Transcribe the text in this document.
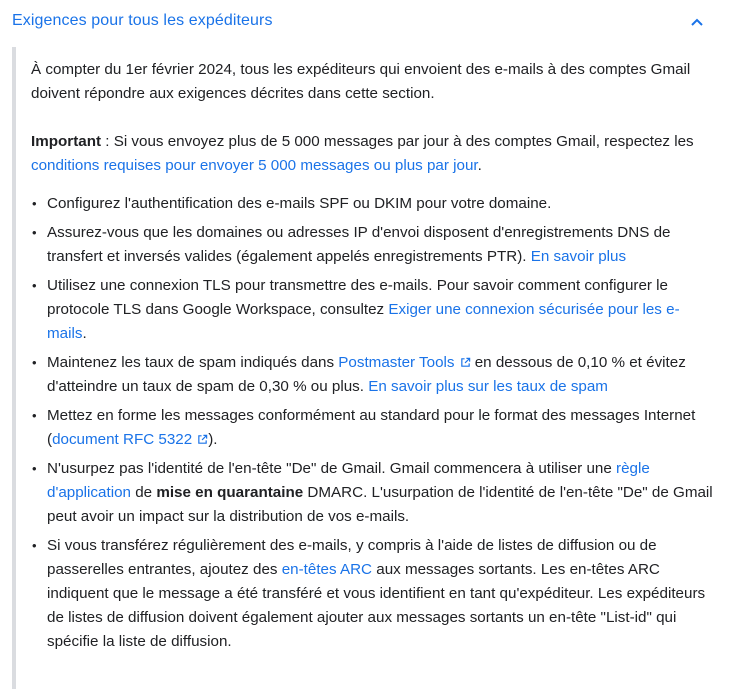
Exigences pour tous les expéditeurs

À compter du 1er février 2024, tous les expéditeurs qui envoient des e-mails à des comptes Gmail doivent répondre aux exigences décrites dans cette section.

Important : Si vous envoyez plus de 5 000 messages par jour à des comptes Gmail, respectez les conditions requises pour envoyer 5 000 messages ou plus par jour.

• Configurez l'authentification des e-mails SPF ou DKIM pour votre domaine.
• Assurez-vous que les domaines ou adresses IP d'envoi disposent d'enregistrements DNS de transfert et inversés valides (également appelés enregistrements PTR). En savoir plus
• Utilisez une connexion TLS pour transmettre des e-mails. Pour savoir comment configurer le protocole TLS dans Google Workspace, consultez Exiger une connexion sécurisée pour les e-mails.
• Maintenez les taux de spam indiqués dans Postmaster Tools en dessous de 0,10 % et évitez d'atteindre un taux de spam de 0,30 % ou plus. En savoir plus sur les taux de spam
• Mettez en forme les messages conformément au standard pour le format des messages Internet (document RFC 5322 ).
• N'usurpez pas l'identité de l'en-tête "De" de Gmail. Gmail commencera à utiliser une règle d'application de mise en quarantaine DMARC. L'usurpation de l'identité de l'en-tête "De" de Gmail peut avoir un impact sur la distribution de vos e-mails.
• Si vous transférez régulièrement des e-mails, y compris à l'aide de listes de diffusion ou de passerelles entrantes, ajoutez des en-têtes ARC aux messages sortants. Les en-têtes ARC indiquent que le message a été transféré et vous identifient en tant qu'expéditeur. Les expéditeurs de listes de diffusion doivent également ajouter aux messages sortants un en-tête "List-id" qui spécifie la liste de diffusion.
